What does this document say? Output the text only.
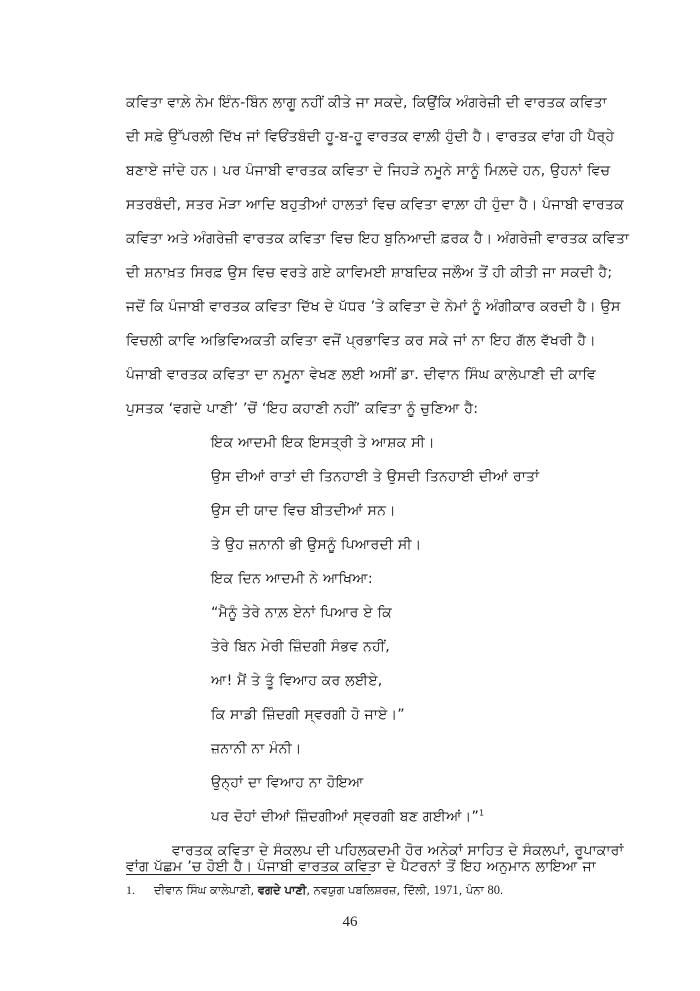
ਕਵਿਤਾ ਵਾਲ਼ੇ ਨੇਮ ਇੰਨ-ਬਿੰਨ ਲਾਗੂ ਨਹੀਂ ਕੀਤੇ ਜਾ ਸਕਦੇ, ਕਿਉਂਕਿ ਅੰਗਰੇਜ਼ੀ ਦੀ ਵਾਰਤਕ ਕਵਿਤਾ
ਦੀ ਸਫ਼ੇ ਉੱਪਰਲੀ ਦਿੱਖ ਜਾਂ ਵਿਓਂਤਬੰਦੀ ਹੂ-ਬ-ਹੂ ਵਾਰਤਕ ਵਾਲ਼ੀ ਹੁੰਦੀ ਹੈ। ਵਾਰਤਕ ਵਾਂਗ ਹੀ ਪੈਰ੍ਹੇ
ਬਣਾਏ ਜਾਂਦੇ ਹਨ। ਪਰ ਪੰਜਾਬੀ ਵਾਰਤਕ ਕਵਿਤਾ ਦੇ ਜਿਹੜੇ ਨਮੂਨੇ ਸਾਨੂੰ ਮਿਲ਼ਦੇ ਹਨ, ਉਹਨਾਂ ਵਿਚ
ਸਤਰਬੰਦੀ, ਸਤਰ ਮੋੜਾ ਆਦਿ ਬਹੁਤੀਆਂ ਹਾਲਤਾਂ ਵਿਚ ਕਵਿਤਾ ਵਾਲ਼ਾ ਹੀ ਹੁੰਦਾ ਹੈ। ਪੰਜਾਬੀ ਵਾਰਤਕ
ਕਵਿਤਾ ਅਤੇ ਅੰਗਰੇਜ਼ੀ ਵਾਰਤਕ ਕਵਿਤਾ ਵਿਚ ਇਹ ਬੁਨਿਆਦੀ ਫ਼ਰਕ ਹੈ। ਅੰਗਰੇਜ਼ੀ ਵਾਰਤਕ ਕਵਿਤਾ
ਦੀ ਸ਼ਨਾਖ਼ਤ ਸਿਰਫ਼ ਉਸ ਵਿਚ ਵਰਤੇ ਗਏ ਕਾਵਿਮਈ ਸ਼ਾਬਦਿਕ ਜਲੌਅ ਤੋਂ ਹੀ ਕੀਤੀ ਜਾ ਸਕਦੀ ਹੈ;
ਜਦੋਂ ਕਿ ਪੰਜਾਬੀ ਵਾਰਤਕ ਕਵਿਤਾ ਦਿੱਖ ਦੇ ਪੱਧਰ ’ਤੇ ਕਵਿਤਾ ਦੇ ਨੇਮਾਂ ਨੂੰ ਅੰਗੀਕਾਰ ਕਰਦੀ ਹੈ। ਉਸ
ਵਿਚਲੀ ਕਾਵਿ ਅਭਿਵਿਅਕਤੀ ਕਵਿਤਾ ਵਜੋਂ ਪ੍ਰਭਾਵਿਤ ਕਰ ਸਕੇ ਜਾਂ ਨਾ ਇਹ ਗੱਲ ਵੱਖਰੀ ਹੈ।
ਪੰਜਾਬੀ ਵਾਰਤਕ ਕਵਿਤਾ ਦਾ ਨਮੂਨਾ ਵੇਖਣ ਲਈ ਅਸੀਂ ਡਾ. ਦੀਵਾਨ ਸਿੰਘ ਕਾਲੇਪਾਣੀ ਦੀ ਕਾਵਿ
ਪੁਸਤਕ ‘ਵਗਦੇ ਪਾਣੀ’ ’ਚੋਂ ‘ਇਹ ਕਹਾਣੀ ਨਹੀਂ’ ਕਵਿਤਾ ਨੂੰ ਚੁਣਿਆ ਹੈ:
ਇਕ ਆਦਮੀ ਇਕ ਇਸਤ੍ਰੀ ਤੇ ਆਸ਼ਕ ਸੀ।
ਉਸ ਦੀਆਂ ਰਾਤਾਂ ਦੀ ਤਿਨਹਾਈ ਤੇ ਉਸਦੀ ਤਿਨਹਾਈ ਦੀਆਂ ਰਾਤਾਂ
ਉਸ ਦੀ ਯਾਦ ਵਿਚ ਬੀਤਦੀਆਂ ਸਨ।
ਤੇ ਉਹ ਜ਼ਨਾਨੀ ਭੀ ਉਸਨੂੰ ਪਿਆਰਦੀ ਸੀ।
ਇਕ ਦਿਨ ਆਦਮੀ ਨੇ ਆਖਿਆ:
“ਮੈਨੂੰ ਤੇਰੇ ਨਾਲ਼ ਏਨਾਂ ਪਿਆਰ ਏ ਕਿ
ਤੇਰੇ ਬਿਨ ਮੇਰੀ ਜ਼ਿੰਦਗੀ ਸੰਭਵ ਨਹੀਂ,
ਆ! ਮੈਂ ਤੇ ਤੂੰ ਵਿਆਹ ਕਰ ਲਈਏ,
ਕਿ ਸਾਡੀ ਜ਼ਿੰਦਗੀ ਸ੍ਵਰਗੀ ਹੋ ਜਾਏ।”
ਜ਼ਨਾਨੀ ਨਾ ਮੰਨੀ।
ਉਨ੍ਹਾਂ ਦਾ ਵਿਆਹ ਨਾ ਹੋਇਆ
ਪਰ ਦੋਹਾਂ ਦੀਆਂ ਜ਼ਿੰਦਗੀਆਂ ਸ੍ਵਰਗੀ ਬਣ ਗਈਆਂ।”$^1$
ਵਾਰਤਕ ਕਵਿਤਾ ਦੇ ਸੰਕਲਪ ਦੀ ਪਹਿਲਕਦਮੀ ਹੋਰ ਅਨੇਕਾਂ ਸਾਹਿਤ ਦੇ ਸੰਕਲਪਾਂ, ਰੂਪਾਕਾਰਾਂ
ਵਾਂਗ ਪੱਛਮ ’ਚ ਹੋਈ ਹੈ। ਪੰਜਾਬੀ ਵਾਰਤਕ ਕਵਿਤਾ ਦੇ ਪੈਟਰਨਾਂ ਤੋਂ ਇਹ ਅਨੁਮਾਨ ਲਾਇਆ ਜਾ
1. ਦੀਵਾਨ ਸਿੰਘ ਕਾਲੇਪਾਣੀ, ਵਗਦੇ ਪਾਣੀ, ਨਵਯੁਗ ਪਬਲਿਸ਼ਰਜ਼, ਦਿੱਲੀ, 1971, ਪੰਨਾ 80.
46
